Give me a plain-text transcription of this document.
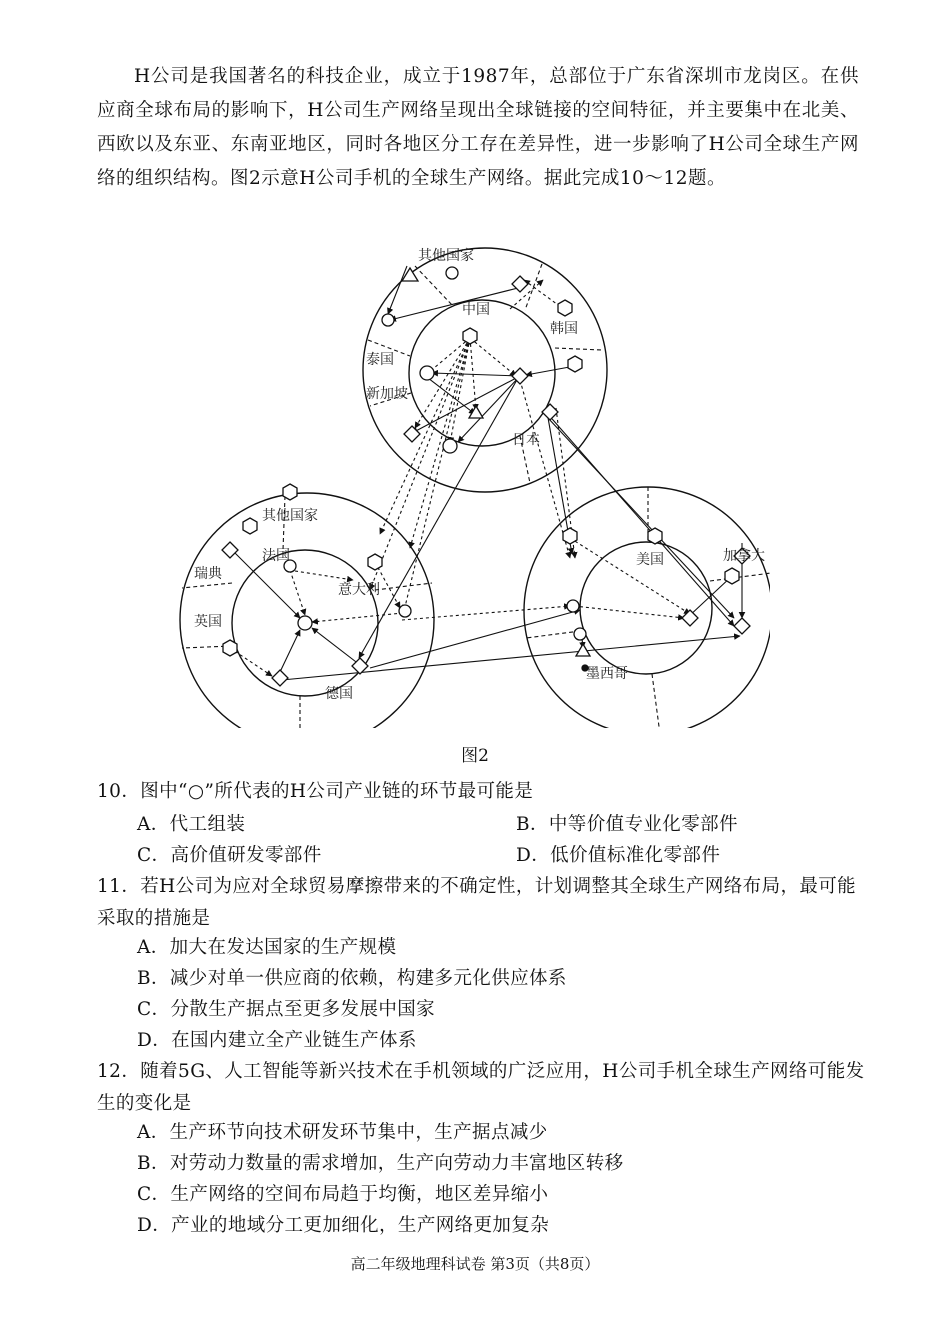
H公司是我国著名的科技企业，成立于1987年，总部位于广东省深圳市龙岗区。在供应商全球布局的影响下，H公司生产网络呈现出全球链接的空间特征，并主要集中在北美、西欧以及东亚、东南亚地区，同时各地区分工存在差异性，进一步影响了H公司全球生产网络的组织结构。图2示意H公司手机的全球生产网络。据此完成10～12题。

其他国家
中国
韩国
泰国
新加坡
日本
其他国家
法国
瑞典
意大利
英国
德国
美国	加拿大
墨西哥
图2

10．图中“○”所代表的H公司产业链的环节最可能是

A．代工组装	B．中等价值专业化零部件
C．高价值研发零部件	D．低价值标准化零部件

11．若H公司为应对全球贸易摩擦带来的不确定性，计划调整其全球生产网络布局，最可能采取的措施是

A．加大在发达国家的生产规模
B．减少对单一供应商的依赖，构建多元化供应体系
C．分散生产据点至更多发展中国家
D．在国内建立全产业链生产体系

12．随着5G、人工智能等新兴技术在手机领域的广泛应用，H公司手机全球生产网络可能发生的变化是

A．生产环节向技术研发环节集中，生产据点减少
B．对劳动力数量的需求增加，生产向劳动力丰富地区转移
C．生产网络的空间布局趋于均衡，地区差异缩小
D．产业的地域分工更加细化，生产网络更加复杂
高二年级地理科试卷 第3页（共8页）
